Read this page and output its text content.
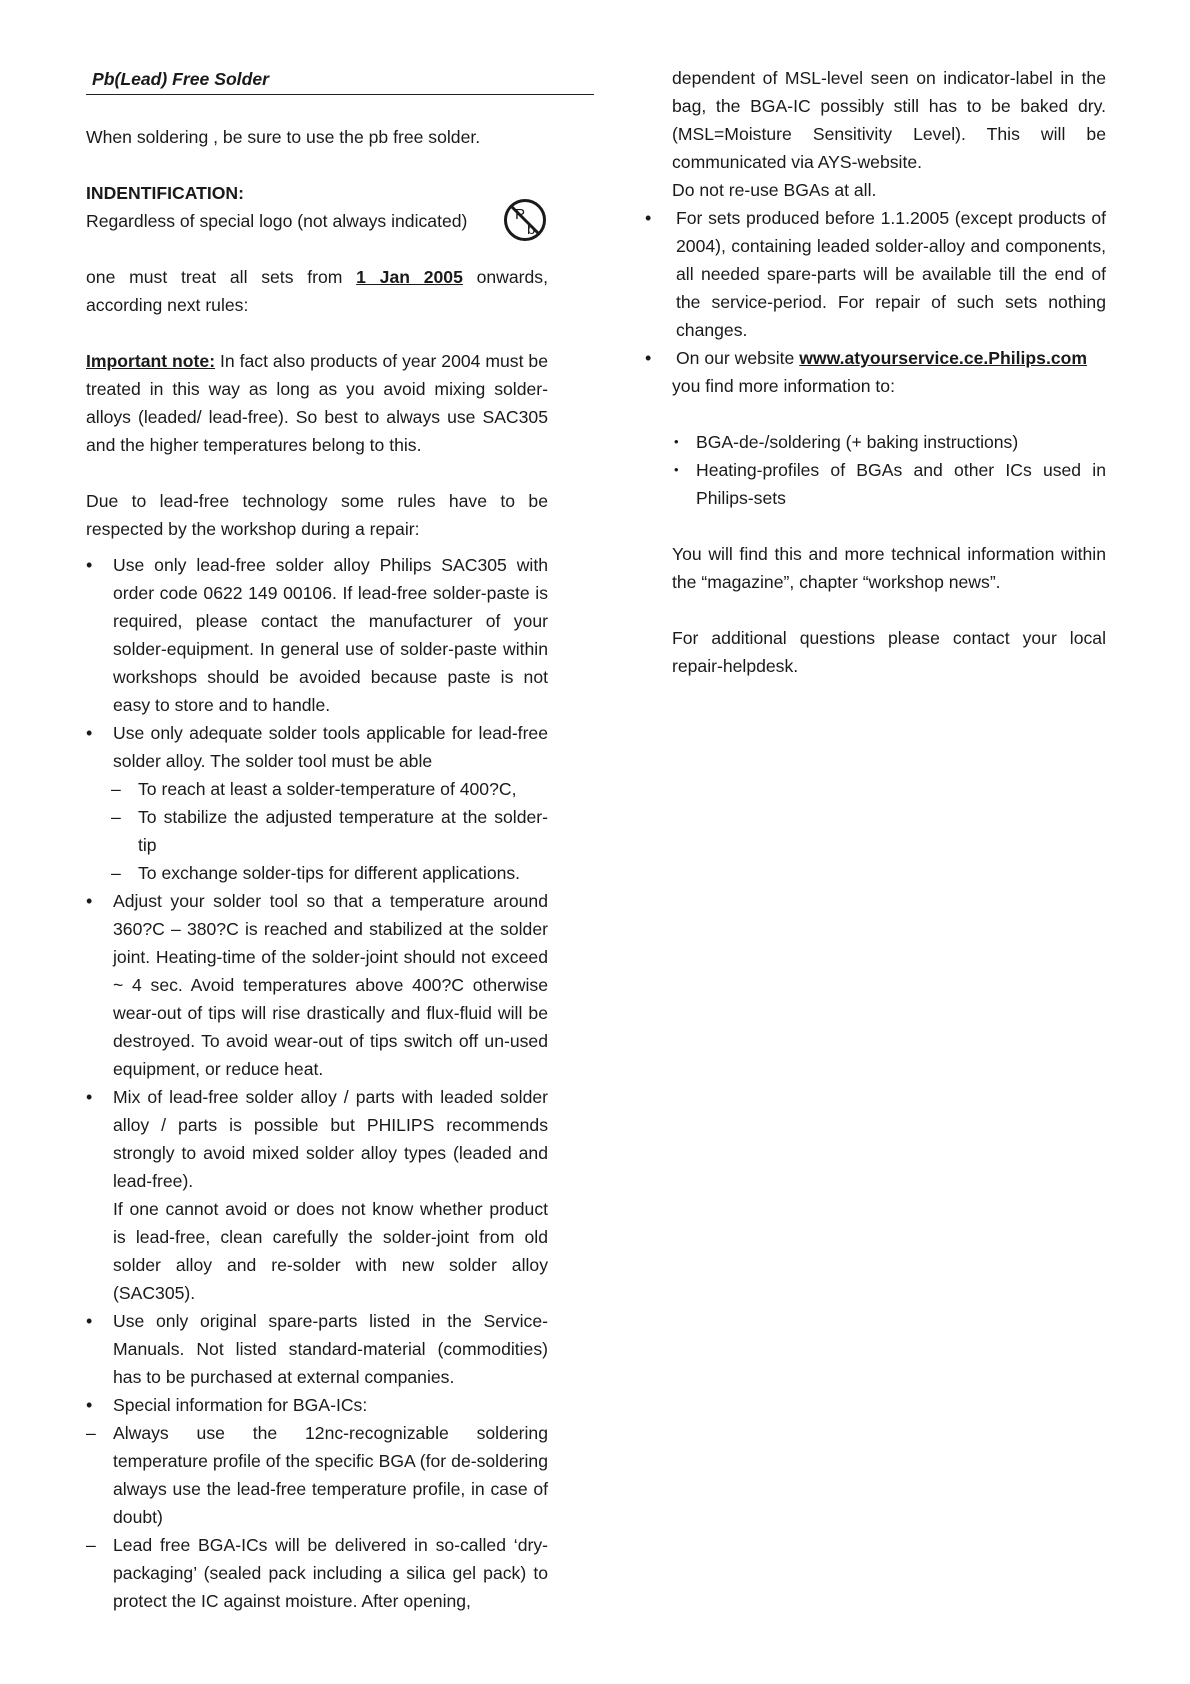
Pb(Lead) Free Solder

When soldering , be sure to use the pb free solder.

INDENTIFICATION:

Regardless of special logo (not always indicated)	P
b

one must treat all sets from 1 Jan 2005 onwards, according next rules:

Important note: In fact also products of year 2004 must be treated in this way as long as you avoid mixing solder-alloys (leaded/ lead-free). So best to always use SAC305 and the higher temperatures belong to this.

Due to lead-free technology some rules have to be respected by the workshop during a repair:

• Use only lead-free solder alloy Philips SAC305 with order code 0622 149 00106. If lead-free solder-paste is required, please contact the manufacturer of your solder-equipment. In general use of solder-paste within workshops should be avoided because paste is not easy to store and to handle.
• Use only adequate solder tools applicable for lead-free solder alloy. The solder tool must be able
– To reach at least a solder-temperature of 400?C,
– To stabilize the adjusted temperature at the solder-tip
– To exchange solder-tips for different applications.
• Adjust your solder tool so that a temperature around 360?C – 380?C is reached and stabilized at the solder joint. Heating-time of the solder-joint should not exceed ~ 4 sec. Avoid temperatures above 400?C otherwise wear-out of tips will rise drastically and flux-fluid will be destroyed. To avoid wear-out of tips switch off un-used equipment, or reduce heat.
• Mix of lead-free solder alloy / parts with leaded solder alloy / parts is possible but PHILIPS recommends strongly to avoid mixed solder alloy types (leaded and lead-free).
If one cannot avoid or does not know whether product is lead-free, clean carefully the solder-joint from old solder alloy and re-solder with new solder alloy (SAC305).
• Use only original spare-parts listed in the Service-Manuals. Not listed standard-material (commodities) has to be purchased at external companies.
• Special information for BGA-ICs:
– Always use the 12nc-recognizable soldering temperature profile of the specific BGA (for de-soldering always use the lead-free temperature profile, in case of doubt)
– Lead free BGA-ICs will be delivered in so-called ‘dry-packaging’ (sealed pack including a silica gel pack) to protect the IC against moisture. After opening,

dependent of MSL-level seen on indicator-label in the bag, the BGA-IC possibly still has to be baked dry. (MSL=Moisture Sensitivity Level). This will be communicated via AYS-website.

Do not re-use BGAs at all.

• For sets produced before 1.1.2005 (except products of 2004), containing leaded solder-alloy and components, all needed spare-parts will be available till the end of the service-period. For repair of such sets nothing changes.
• On our website www.atyourservice.ce.Philips.com
you find more information to:
• BGA-de-/soldering (+ baking instructions)
• Heating-profiles of BGAs and other ICs used in Philips-sets

You will find this and more technical information within the “magazine”, chapter “workshop news”.

For additional questions please contact your local repair-helpdesk.
